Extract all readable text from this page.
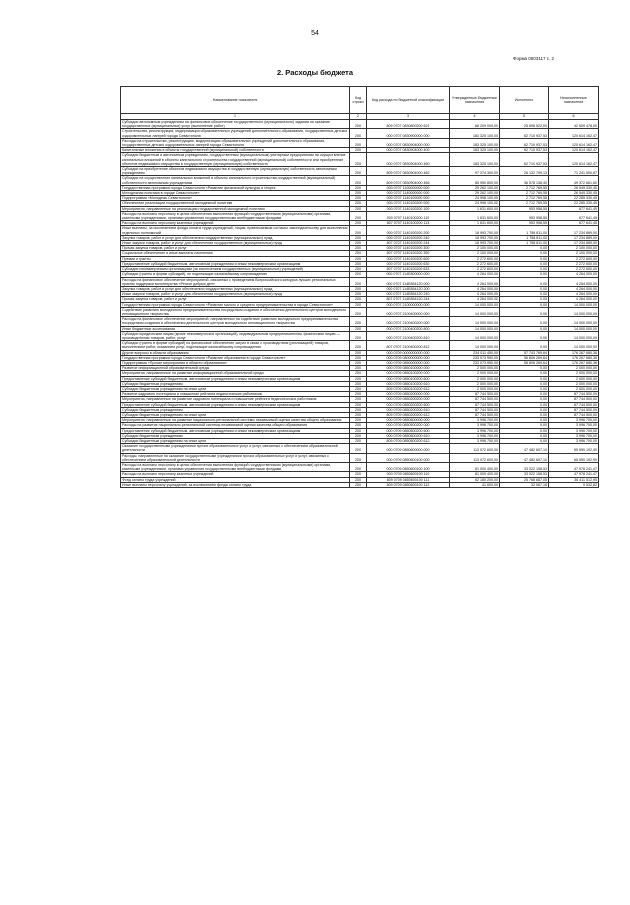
54
Форма 0503117 с. 2
2. Расходы бюджета
Наименование показателя	Код строки	Код расхода по бюджетной классификации	Утвержденные бюджетные назначения	Исполнено	Неисполненные назначения
1	2	3	4	5	6
Субсидии автономным учреждениям на финансовое обеспечение государственного (муниципального) задания на оказание государственных (муниципальных) услуг (выполнение работ)	200	809 0707 0830800200 621	68 209 000,00	25 698 522,00	42 509 478,00
Строительство, реконструкция, модернизация образовательных учреждений дополнительного образования, государственных детских оздоровительных лагерей города Севастополя	200	000 0707 0830900000 000	183 325 100,00	62 710 937,53	120 614 162,47
Расходы на строительство, реконструкцию, модернизацию образовательных учреждений дополнительного образования, государственных детских оздоровительных лагерей города Севастополя	200	000 0707 0830904000 000	183 325 100,00	62 710 937,53	120 614 162,47
Капитальные вложения в объекты государственной (муниципальной) собственности	200	000 0707 0830904000 400	183 325 100,00	62 710 937,53	120 614 162,47
Субсидии бюджетным и автономным учреждениям, государственным (муниципальным) унитарным предприятиям на осуществление капитальных вложений в объекты капитального строительства государственной (муниципальной) собственности или приобретение объектов недвижимого имущества в государственную (муниципальную) собственность	200	000 0707 0830904000 460	183 325 100,00	62 710 937,53	120 614 162,47
Субсидии на приобретение объектов недвижимого имущества в государственную (муниципальную) собственность автономным учреждениям	200	809 0707 0830904000 462	97 374 300,00	26 132 799,13	71 241 500,87
Субсидии на осуществление капитальных вложений в объекты капитального строительства государственной (муниципальной) собственности автономным учреждениям	200	809 0707 0830904000 465	85 950 800,00	36 578 138,40	49 372 661,60
Государственная программа города Севастополя «Развитие физической культуры и спорта	200	000 0707 1100000000 000	29 262 100,00	2 712 769,55	26 549 330,45
Молодежная политика в городе Севастополе»	200	000 0707 1140000000 000	29 262 100,00	2 712 769,55	26 549 330,45
Подпрограмма «Молодежь Севастополя»	200	000 0707 1140100000 000	24 998 100,00	2 712 769,55	22 285 330,45
Обеспечение реализации государственной молодежной политики	200	000 0707 1140100200 000	24 998 100,00	2 712 769,55	22 285 330,45
Мероприятия, направленные на реализацию государственной молодежной политики	200	000 0707 1140100200 100	1 631 600,00	953 958,55	677 641,45
Расходы на выплаты персоналу в целях обеспечения выполнения функций государственными (муниципальными) органами, казенными учреждениями, органами управления государственными внебюджетными фондами	200	000 0707 1140100200 110	1 631 600,00	953 958,55	677 641,45
Расходы на выплаты персоналу казенных учреждений	200	807 0707 1140100200 113	1 631 600,00	953 958,55	677 641,45
Иные выплаты, за исключением фонда оплаты труда учреждений, лицам, привлекаемым согласно законодательству для выполнения отдельных полномочий	200	000 0707 1140100200 200	18 993 700,00	1 758 811,00	17 234 889,00
Закупка товаров, работ и услуг для обеспечения государственных (муниципальных) нужд	200	000 0707 1140100200 240	18 993 700,00	1 758 811,00	17 234 889,00
Иные закупки товаров, работ и услуг для обеспечения государственных (муниципальных) нужд	200	807 0707 1140100200 244	18 993 700,00	1 758 811,00	17 234 889,00
Прочая закупка товаров, работ и услуг	200	000 0707 1140100200 300	2 100 000,00	0,00	2 100 000,00
Социальное обеспечение и иные выплаты населению	200	807 0707 1140100200 350	2 100 000,00	0,00	2 100 000,00
Премии и гранты	200	000 0707 1140100200 600	2 272 600,00	0,00	2 272 600,00
Предоставление субсидий бюджетным, автономным учреждениям и иным некоммерческим организациям	200	000 0707 1140100200 630	2 272 600,00	0,00	2 272 600,00
Субсидии некоммерческим организациям (за исключением государственных (муниципальных) учреждений)	200	807 0707 1140100200 633	2 272 600,00	0,00	2 272 600,00
Субсидии (гранты в форме субсидий), не подлежащие казначейскому сопровождению	200	000 0707 114E800000 000	4 264 000,00	0,00	4 264 000,00
Расходы на финансовое обеспечение мероприятий, связанных с проведением Всероссийского конкурса лучших региональных практик поддержки волонтерства «Регион добрых дел»	200	000 0707 114E854120 000	4 264 000,00	0,00	4 264 000,00
Закупка товаров, работ и услуг для обеспечения государственных (муниципальных) нужд	200	000 0707 114E854120 200	4 264 000,00	0,00	4 264 000,00
Иные закупки товаров, работ и услуг для обеспечения государственных (муниципальных) нужд	200	000 0707 114E854120 240	4 264 000,00	0,00	4 264 000,00
Прочая закупка товаров, работ и услуг	200	807 0707 114E854120 244	4 264 000,00	0,00	4 264 000,00
Государственная программа города Севастополя «Развитие малого и среднего предпринимательства в городе Севастополе»	200	000 0707 2100000000 000	14 000 000,00	0,00	14 000 000,00
Содействие развитию молодежного предпринимательства посредством создания и обеспечения деятельности центров молодежного инновационного творчества	200	000 0707 2100400000 000	14 000 000,00	0,00	14 000 000,00
Расходы на финансовое обеспечение мероприятий, направленных на содействие развитию молодежного предпринимательства посредством создания и обеспечения деятельности центров молодежного инновационного творчества	200	000 0707 2100400200 000	14 000 000,00	0,00	14 000 000,00
Иные бюджетные ассигнования	200	000 0707 2100400200 800	14 000 000,00	0,00	14 000 000,00
Субсидии юридическим лицам (кроме некоммерческих организаций), индивидуальным предпринимателям, физическим лицам — производителям товаров, работ, услуг	200	000 0707 2100400200 810	14 000 000,00	0,00	14 000 000,00
Субсидии (гранты в форме субсидий) на финансовое обеспечение затрат в связи с производством (реализацией) товаров, выполнением работ, оказанием услуг, подлежащие казначейскому сопровождению	200	807 0707 2100400200 812	14 000 000,00	0,00	14 000 000,00
Другие вопросы в области образования	200	000 0709 0000000000 000	234 011 450,00	57 743 769,64	176 267 680,36
Государственная программа города Севастополя «Развитие образования в городе Севастополе»	200	000 0709 0800000000 000	233 073 950,00	56 806 269,64	176 267 680,36
Подпрограмма «Прочие мероприятия в области образования»	200	000 0709 0850000000 000	233 073 950,00	56 806 269,64	176 267 680,36
Развитие информационной образовательной среды	200	000 0709 0850100000 000	2 000 000,00	0,00	2 000 000,00
Мероприятия, направленные на развитие информационной образовательной среды	200	000 0709 0850100200 000	2 000 000,00	0,00	2 000 000,00
Предоставление субсидий бюджетным, автономным учреждениям и иным некоммерческим организациям	200	000 0709 0850100200 600	2 000 000,00	0,00	2 000 000,00
Субсидии бюджетным учреждениям	200	000 0709 0850100200 610	2 000 000,00	0,00	2 000 000,00
Субсидии бюджетным учреждениям на иные цели	200	809 0709 0850100200 612	2 000 000,00	0,00	2 000 000,00
Развитие кадрового потенциала и повышение рейтинга педагогических работников	200	000 0709 0850200000 000	87 744 500,00	0,00	87 744 500,00
Мероприятия, направленные на развитие кадрового потенциала и повышение рейтинга педагогических работников	200	000 0709 0850200200 000	87 744 500,00	0,00	87 744 500,00
Предоставление субсидий бюджетным, автономным учреждениям и иным некоммерческим организациям	200	000 0709 0850200200 600	87 744 500,00	0,00	87 744 500,00
Субсидии бюджетным учреждениям	200	000 0709 0850200200 610	87 744 500,00	0,00	87 744 500,00
Субсидии бюджетным учреждениям на иные цели	200	809 0709 0850200200 612	87 744 500,00	0,00	87 744 500,00
Мероприятия, направленные на развитие национально-региональной системы независимой оценки качества общего образования	200	000 0709 0850500000 000	3 996 700,00	0,00	3 996 700,00
Расходы на развитие национально-региональной системы независимой оценки качества общего образования	200	000 0709 0850500200 000	3 996 700,00	0,00	3 996 700,00
Предоставление субсидий бюджетным, автономным учреждениям и иным некоммерческим организациям	200	000 0709 0850500200 600	3 996 700,00	0,00	3 996 700,00
Субсидии бюджетным учреждениям	200	000 0709 0850500200 610	3 996 700,00	0,00	3 996 700,00
Субсидии бюджетным учреждениям на иные цели	200	809 0709 0850500200 612	3 996 700,00	0,00	3 996 700,00
Оказание государственными учреждениями прочих образовательных услуг и услуг, связанных с обеспечением образовательной деятельности	200	000 0709 0850600000 000	113 072 600,00	47 482 607,10	65 590 192,90
Расходы, направленные на оказание государственными учреждениями прочих образовательных услуг и услуг, связанных с обеспечением образовательной деятельности	200	000 0709 0850600100 000	113 072 600,00	47 482 607,10	65 590 192,90
Расходы на выплаты персоналу в целях обеспечения выполнения функций государственными (муниципальными) органами, казенными учреждениями, органами управления государственными внебюджетными фондами	200	000 0709 0850600100 100	81 000 400,00	33 022 158,53	47 978 241,47
Расходы на выплаты персоналу казенных учреждений	200	000 0709 0850600100 110	81 000 400,00	33 022 158,53	47 978 241,47
Фонд оплаты труда учреждений	200	809 0709 0850600100 111	62 180 200,00	25 768 687,05	36 411 512,95
Иные выплаты персоналу учреждений, за исключением фонда оплаты труда	200	809 0709 0850600100 112	41 600,00	32 067,18	9 532,82
